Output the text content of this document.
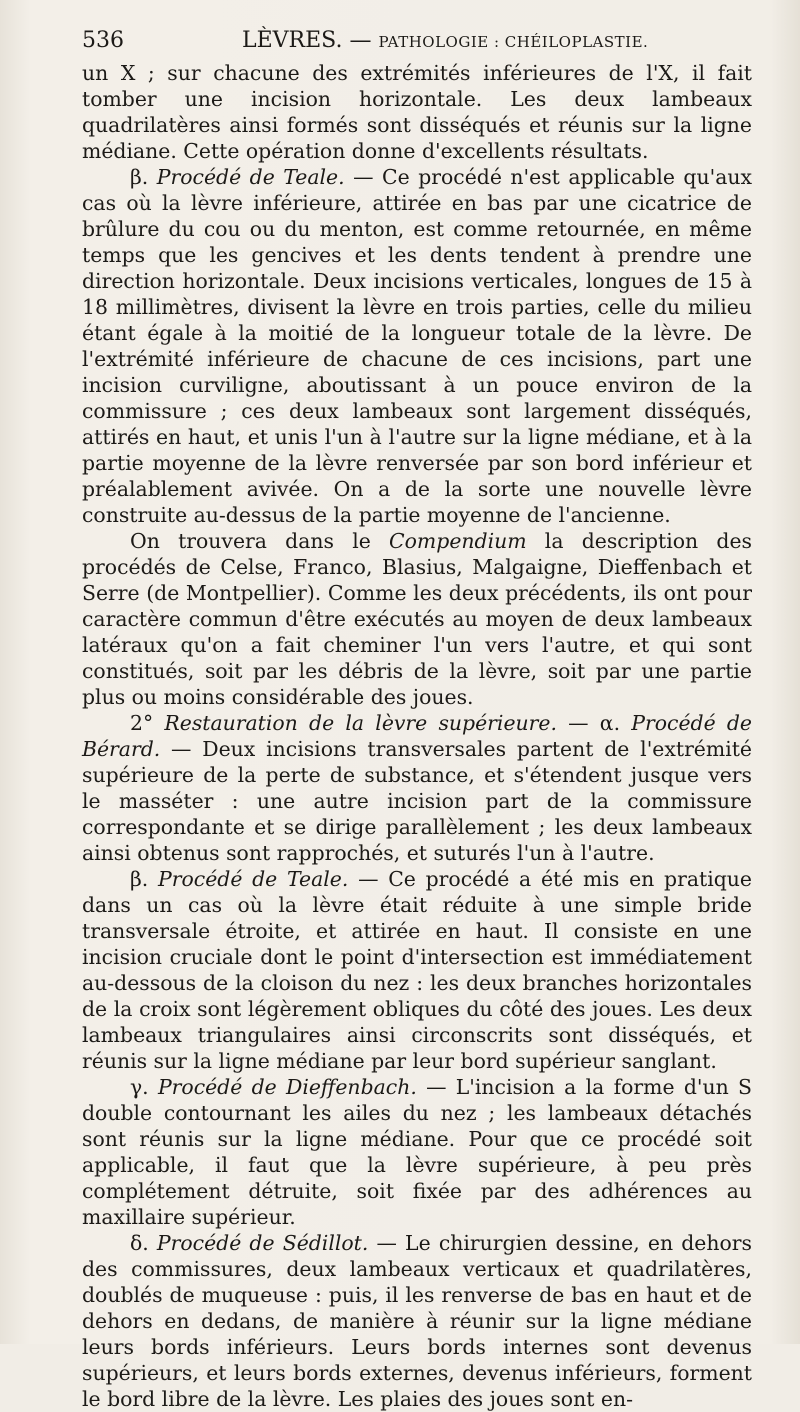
536	LÈVRES. — PATHOLOGIE : CHÉILOPLASTIE.

un X ; sur chacune des extrémités inférieures de l'X, il fait tomber une incision horizontale. Les deux lambeaux quadrilatères ainsi formés sont disséqués et réunis sur la ligne médiane. Cette opération donne d'excellents résultats.

β. Procédé de Teale. — Ce procédé n'est applicable qu'aux cas où la lèvre inférieure, attirée en bas par une cicatrice de brûlure du cou ou du menton, est comme retournée, en même temps que les gencives et les dents tendent à prendre une direction horizontale. Deux incisions verticales, longues de 15 à 18 millimètres, divisent la lèvre en trois parties, celle du milieu étant égale à la moitié de la longueur totale de la lèvre. De l'extrémité inférieure de chacune de ces incisions, part une incision curviligne, aboutissant à un pouce environ de la commissure ; ces deux lambeaux sont largement disséqués, attirés en haut, et unis l'un à l'autre sur la ligne médiane, et à la partie moyenne de la lèvre renversée par son bord inférieur et préalablement avivée. On a de la sorte une nouvelle lèvre construite au-dessus de la partie moyenne de l'ancienne.

On trouvera dans le Compendium la description des procédés de Celse, Franco, Blasius, Malgaigne, Dieffenbach et Serre (de Montpellier). Comme les deux précédents, ils ont pour caractère commun d'être exécutés au moyen de deux lambeaux latéraux qu'on a fait cheminer l'un vers l'autre, et qui sont constitués, soit par les débris de la lèvre, soit par une partie plus ou moins considérable des joues.

2° Restauration de la lèvre supérieure. — α. Procédé de Bérard. — Deux incisions transversales partent de l'extrémité supérieure de la perte de substance, et s'étendent jusque vers le masséter : une autre incision part de la commissure correspondante et se dirige parallèlement ; les deux lambeaux ainsi obtenus sont rapprochés, et suturés l'un à l'autre.

β. Procédé de Teale. — Ce procédé a été mis en pratique dans un cas où la lèvre était réduite à une simple bride transversale étroite, et attirée en haut. Il consiste en une incision cruciale dont le point d'intersection est immédiatement au-dessous de la cloison du nez : les deux branches horizontales de la croix sont légèrement obliques du côté des joues. Les deux lambeaux triangulaires ainsi circonscrits sont disséqués, et réunis sur la ligne médiane par leur bord supérieur sanglant.

γ. Procédé de Dieffenbach. — L'incision a la forme d'un S double contournant les ailes du nez ; les lambeaux détachés sont réunis sur la ligne médiane. Pour que ce procédé soit applicable, il faut que la lèvre supérieure, à peu près complétement détruite, soit fixée par des adhérences au maxillaire supérieur.

δ. Procédé de Sédillot. — Le chirurgien dessine, en dehors des commissures, deux lambeaux verticaux et quadrilatères, doublés de muqueuse : puis, il les renverse de bas en haut et de dehors en dedans, de manière à réunir sur la ligne médiane leurs bords inférieurs. Leurs bords internes sont devenus supérieurs, et leurs bords externes, devenus inférieurs, forment le bord libre de la lèvre. Les plaies des joues sont en-
